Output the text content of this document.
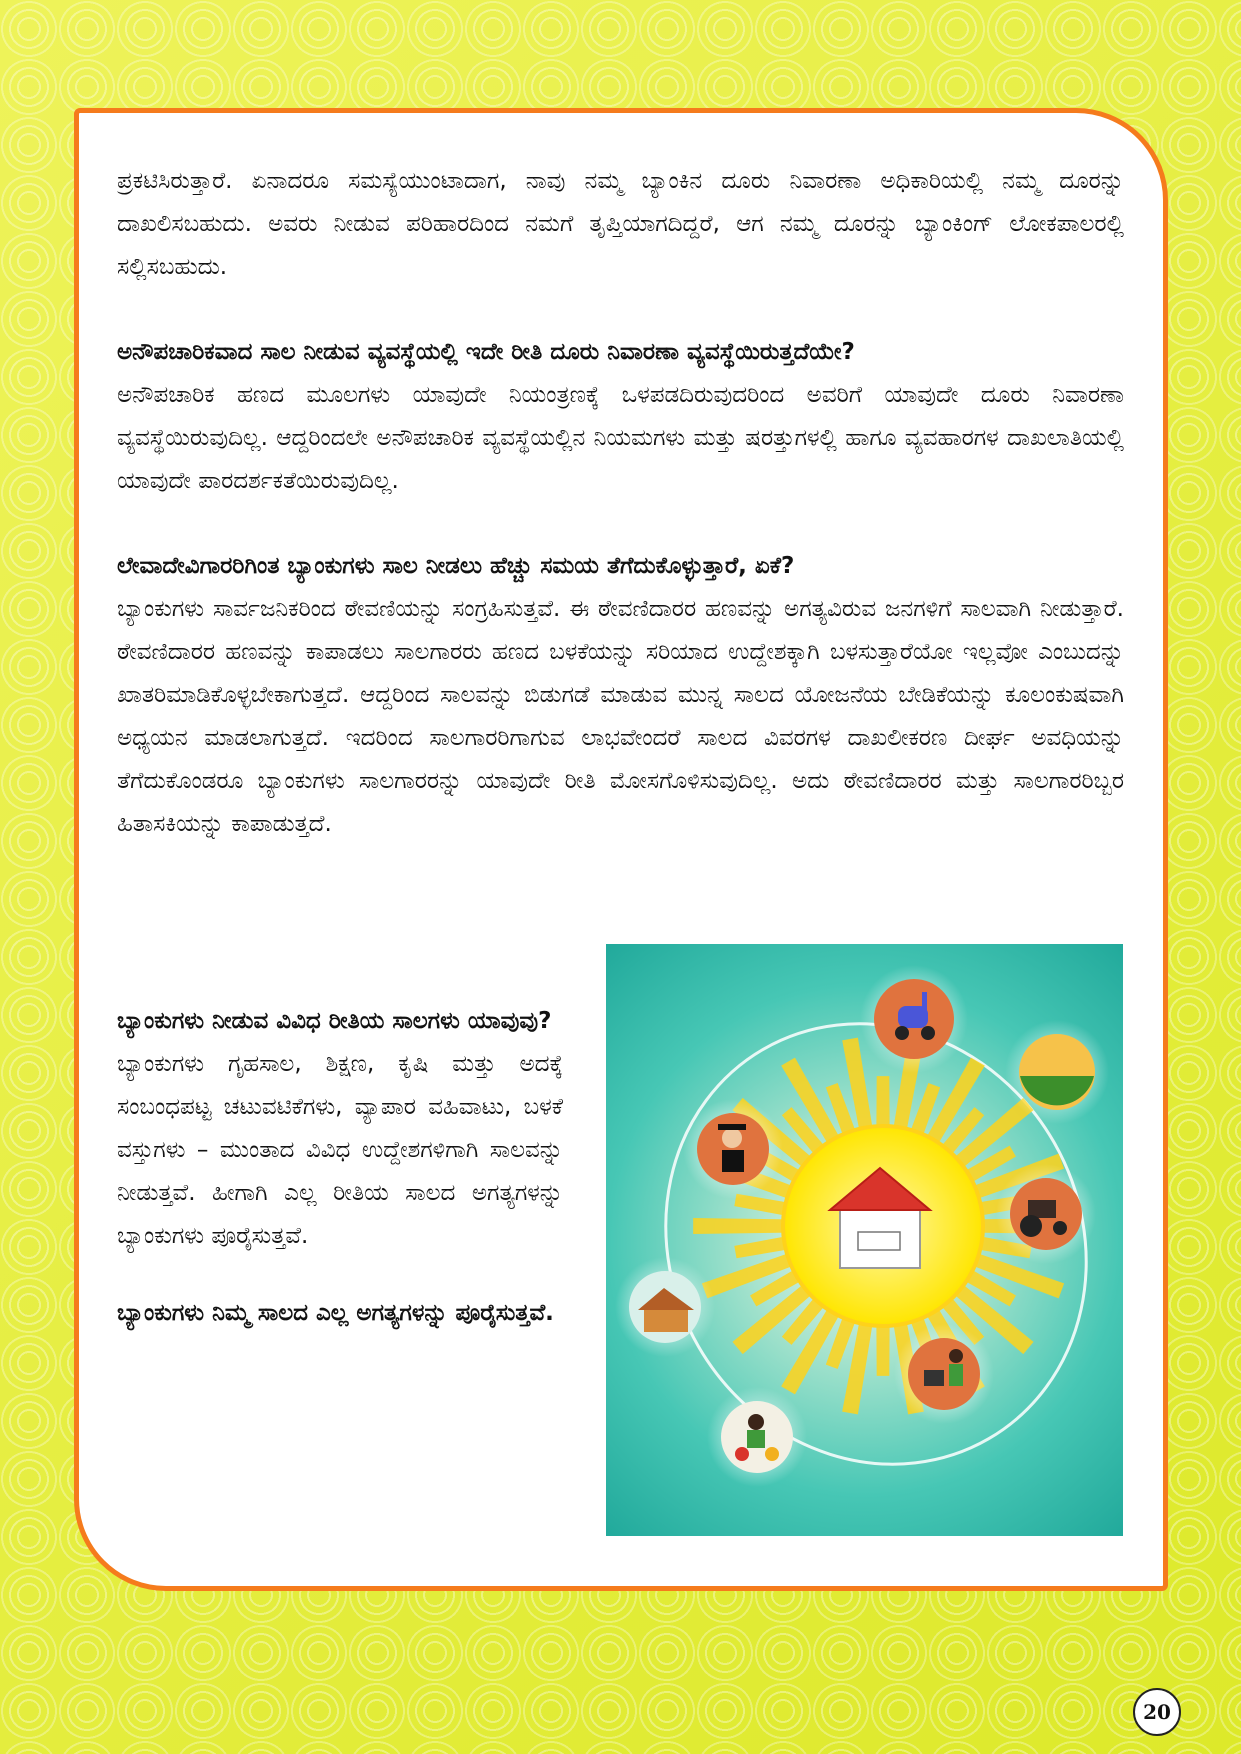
ಪ್ರಕಟಿಸಿರುತ್ತಾರೆ. ಏನಾದರೂ ಸಮಸ್ಯೆಯುಂಟಾದಾಗ, ನಾವು ನಮ್ಮ ಬ್ಯಾಂಕಿನ ದೂರು ನಿವಾರಣಾ ಅಧಿಕಾರಿಯಲ್ಲಿ ನಮ್ಮ ದೂರನ್ನು ದಾಖಲಿಸಬಹುದು. ಅವರು ನೀಡುವ ಪರಿಹಾರದಿಂದ ನಮಗೆ ತೃಪ್ತಿಯಾಗದಿದ್ದರೆ, ಆಗ ನಮ್ಮ ದೂರನ್ನು ಬ್ಯಾಂಕಿಂಗ್ ಲೋಕಪಾಲರಲ್ಲಿ ಸಲ್ಲಿಸಬಹುದು.

ಅನೌಪಚಾರಿಕವಾದ ಸಾಲ ನೀಡುವ ವ್ಯವಸ್ಥೆಯಲ್ಲಿ ಇದೇ ರೀತಿ ದೂರು ನಿವಾರಣಾ ವ್ಯವಸ್ಥೆಯಿರುತ್ತದೆಯೇ?

ಅನೌಪಚಾರಿಕ ಹಣದ ಮೂಲಗಳು ಯಾವುದೇ ನಿಯಂತ್ರಣಕ್ಕೆ ಒಳಪಡದಿರುವುದರಿಂದ ಅವರಿಗೆ ಯಾವುದೇ ದೂರು ನಿವಾರಣಾ ವ್ಯವಸ್ಥೆಯಿರುವುದಿಲ್ಲ. ಆದ್ದರಿಂದಲೇ ಅನೌಪಚಾರಿಕ ವ್ಯವಸ್ಥೆಯಲ್ಲಿನ ನಿಯಮಗಳು ಮತ್ತು ಷರತ್ತುಗಳಲ್ಲಿ ಹಾಗೂ ವ್ಯವಹಾರಗಳ ದಾಖಲಾತಿಯಲ್ಲಿ ಯಾವುದೇ ಪಾರದರ್ಶಕತೆಯಿರುವುದಿಲ್ಲ.

ಲೇವಾದೇವಿಗಾರರಿಗಿಂತ ಬ್ಯಾಂಕುಗಳು ಸಾಲ ನೀಡಲು ಹೆಚ್ಚು ಸಮಯ ತೆಗೆದುಕೊಳ್ಳುತ್ತಾರೆ, ಏಕೆ?

ಬ್ಯಾಂಕುಗಳು ಸಾರ್ವಜನಿಕರಿಂದ ಠೇವಣಿಯನ್ನು ಸಂಗ್ರಹಿಸುತ್ತವೆ. ಈ ಠೇವಣಿದಾರರ ಹಣವನ್ನು ಅಗತ್ಯವಿರುವ ಜನಗಳಿಗೆ ಸಾಲವಾಗಿ ನೀಡುತ್ತಾರೆ. ಠೇವಣಿದಾರರ ಹಣವನ್ನು ಕಾಪಾಡಲು ಸಾಲಗಾರರು ಹಣದ ಬಳಕೆಯನ್ನು ಸರಿಯಾದ ಉದ್ದೇಶಕ್ಕಾಗಿ ಬಳಸುತ್ತಾರೆಯೋ ಇಲ್ಲವೋ ಎಂಬುದನ್ನು ಖಾತರಿಮಾಡಿಕೊಳ್ಳಬೇಕಾಗುತ್ತದೆ. ಆದ್ದರಿಂದ ಸಾಲವನ್ನು ಬಿಡುಗಡೆ ಮಾಡುವ ಮುನ್ನ ಸಾಲದ ಯೋಜನೆಯ ಬೇಡಿಕೆಯನ್ನು ಕೂಲಂಕುಷವಾಗಿ ಅಧ್ಯಯನ ಮಾಡಲಾಗುತ್ತದೆ. ಇದರಿಂದ ಸಾಲಗಾರರಿಗಾಗುವ ಲಾಭವೇಂದರೆ ಸಾಲದ ವಿವರಗಳ ದಾಖಲೀಕರಣ ದೀರ್ಘ ಅವಧಿಯನ್ನು ತೆಗೆದುಕೊಂಡರೂ ಬ್ಯಾಂಕುಗಳು ಸಾಲಗಾರರನ್ನು ಯಾವುದೇ ರೀತಿ ಮೋಸಗೊಳಿಸುವುದಿಲ್ಲ. ಅದು ಠೇವಣಿದಾರರ ಮತ್ತು ಸಾಲಗಾರರಿಬ್ಬರ ಹಿತಾಸಕಿಯನ್ನು ಕಾಪಾಡುತ್ತದೆ.

ಬ್ಯಾಂಕುಗಳು ನೀಡುವ ವಿವಿಧ ರೀತಿಯ ಸಾಲಗಳು ಯಾವುವು?

ಬ್ಯಾಂಕುಗಳು ಗೃಹಸಾಲ, ಶಿಕ್ಷಣ, ಕೃಷಿ ಮತ್ತು ಅದಕ್ಕೆ ಸಂಬಂಧಪಟ್ಟ ಚಟುವಟಿಕೆಗಳು, ವ್ಯಾಪಾರ ವಹಿವಾಟು, ಬಳಕೆ ವಸ್ತುಗಳು – ಮುಂತಾದ ವಿವಿಧ ಉದ್ದೇಶಗಳಿಗಾಗಿ ಸಾಲವನ್ನು ನೀಡುತ್ತವೆ. ಹೀಗಾಗಿ ಎಲ್ಲ ರೀತಿಯ ಸಾಲದ ಅಗತ್ಯಗಳನ್ನು ಬ್ಯಾಂಕುಗಳು ಪೂರೈಸುತ್ತವೆ.

ಬ್ಯಾಂಕುಗಳು ನಿಮ್ಮ ಸಾಲದ ಎಲ್ಲ ಅಗತ್ಯಗಳನ್ನು ಪೂರೈಸುತ್ತವೆ.

20
